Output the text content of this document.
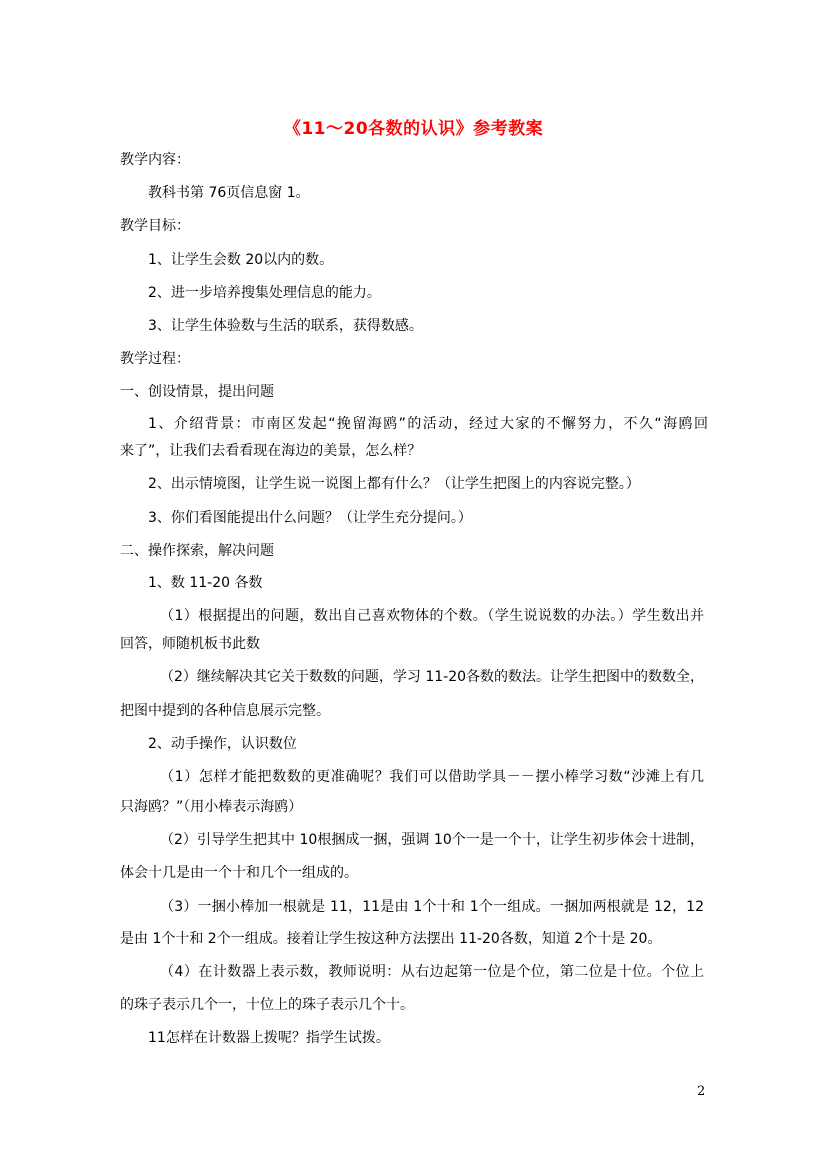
《11～20各数的认识》参考教案
教学内容：
教科书第 76页信息窗 1。
教学目标：
1、让学生会数 20以内的数。
2、进一步培养搜集处理信息的能力。
3、让学生体验数与生活的联系，获得数感。
教学过程：
一、创设情景，提出问题
1、介绍背景：市南区发起“挽留海鸥”的活动，经过大家的不懈努力，不久“海鸥回
来了”，让我们去看看现在海边的美景，怎么样？
2、出示情境图，让学生说一说图上都有什么？（让学生把图上的内容说完整。）
3、你们看图能提出什么问题？（让学生充分提问。）
二、操作探索，解决问题
1、数 11-20 各数
（1）根据提出的问题，数出自己喜欢物体的个数。（学生说说数的办法。）学生数出并
回答，师随机板书此数
（2）继续解决其它关于数数的问题，学习 11-20各数的数法。让学生把图中的数数全，
把图中提到的各种信息展示完整。
2、动手操作，认识数位
（1）怎样才能把数数的更准确呢？我们可以借助学具－－摆小棒学习数“沙滩上有几
只海鸥？”（用小棒表示海鸥）
（2）引导学生把其中 10根捆成一捆，强调 10个一是一个十，让学生初步体会十进制，
体会十几是由一个十和几个一组成的。
（3）一捆小棒加一根就是 11，11是由 1个十和 1个一组成。一捆加两根就是 12，12
是由 1个十和 2个一组成。接着让学生按这种方法摆出 11-20各数，知道 2个十是 20。
（4）在计数器上表示数，教师说明：从右边起第一位是个位，第二位是十位。个位上
的珠子表示几个一，十位上的珠子表示几个十。
11怎样在计数器上拨呢？指学生试拨。
2
